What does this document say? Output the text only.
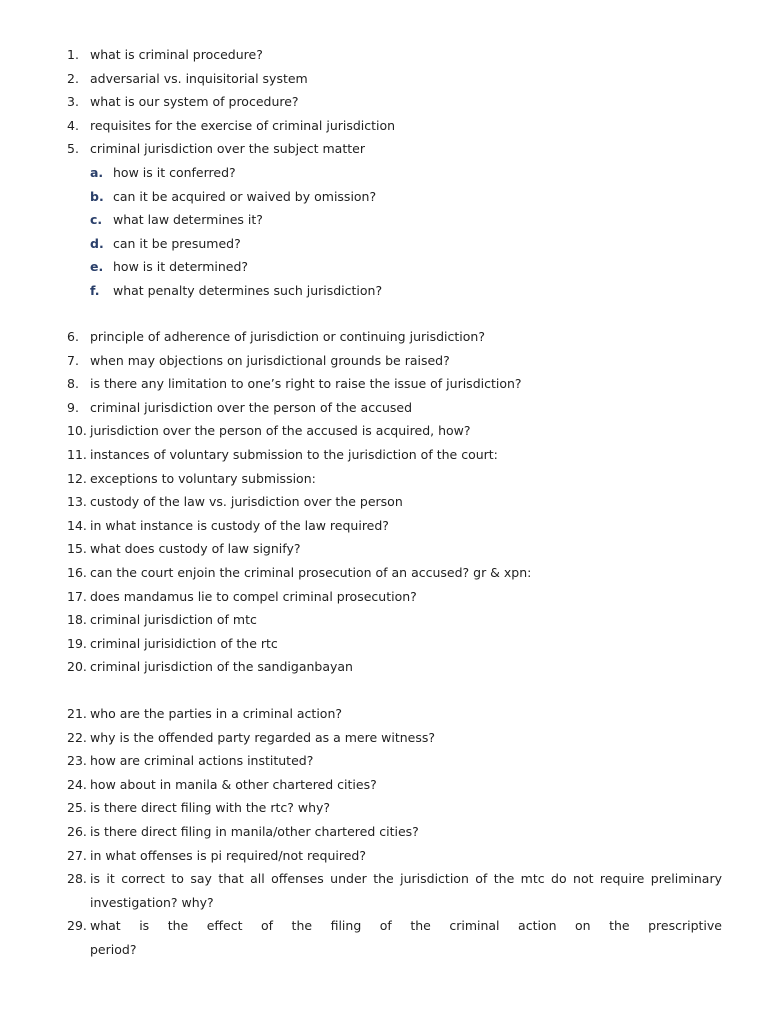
1. what is criminal procedure?
2. adversarial vs. inquisitorial system
3. what is our system of procedure?
4. requisites for the exercise of criminal jurisdiction
5. criminal jurisdiction over the subject matter
a. how is it conferred?
b. can it be acquired or waived by omission?
c. what law determines it?
d. can it be presumed?
e. how is it determined?
f.	what penalty determines such jurisdiction?
6. principle of adherence of jurisdiction or continuing jurisdiction?
7. when may objections on jurisdictional grounds be raised?
8. is there any limitation to one’s right to raise the issue of jurisdiction?
9. criminal jurisdiction over the person of the accused
10. jurisdiction over the person of the accused is acquired, how?
11. instances of voluntary submission to the jurisdiction of the court:
12. exceptions to voluntary submission:
13. custody of the law vs. jurisdiction over the person
14. in what instance is custody of the law required?
15. what does custody of law signify?
16. can the court enjoin the criminal prosecution of an accused? gr & xpn:
17. does mandamus lie to compel criminal prosecution?
18. criminal jurisdiction of mtc
19. criminal jurisidiction of the rtc
20. criminal jurisdiction of the sandiganbayan
21. who are the parties in a criminal action?
22. why is the offended party regarded as a mere witness?
23. how are criminal actions instituted?
24. how about in manila & other chartered cities?
25. is there direct filing with the rtc? why?
26. is there direct filing in manila/other chartered cities?
27. in what offenses is pi required/not required?
28. is it correct to say that all offenses under the jurisdiction of the mtc do not require preliminary
investigation? why?
29. what is the effect of the filing of the criminal action on the prescriptive
period?
